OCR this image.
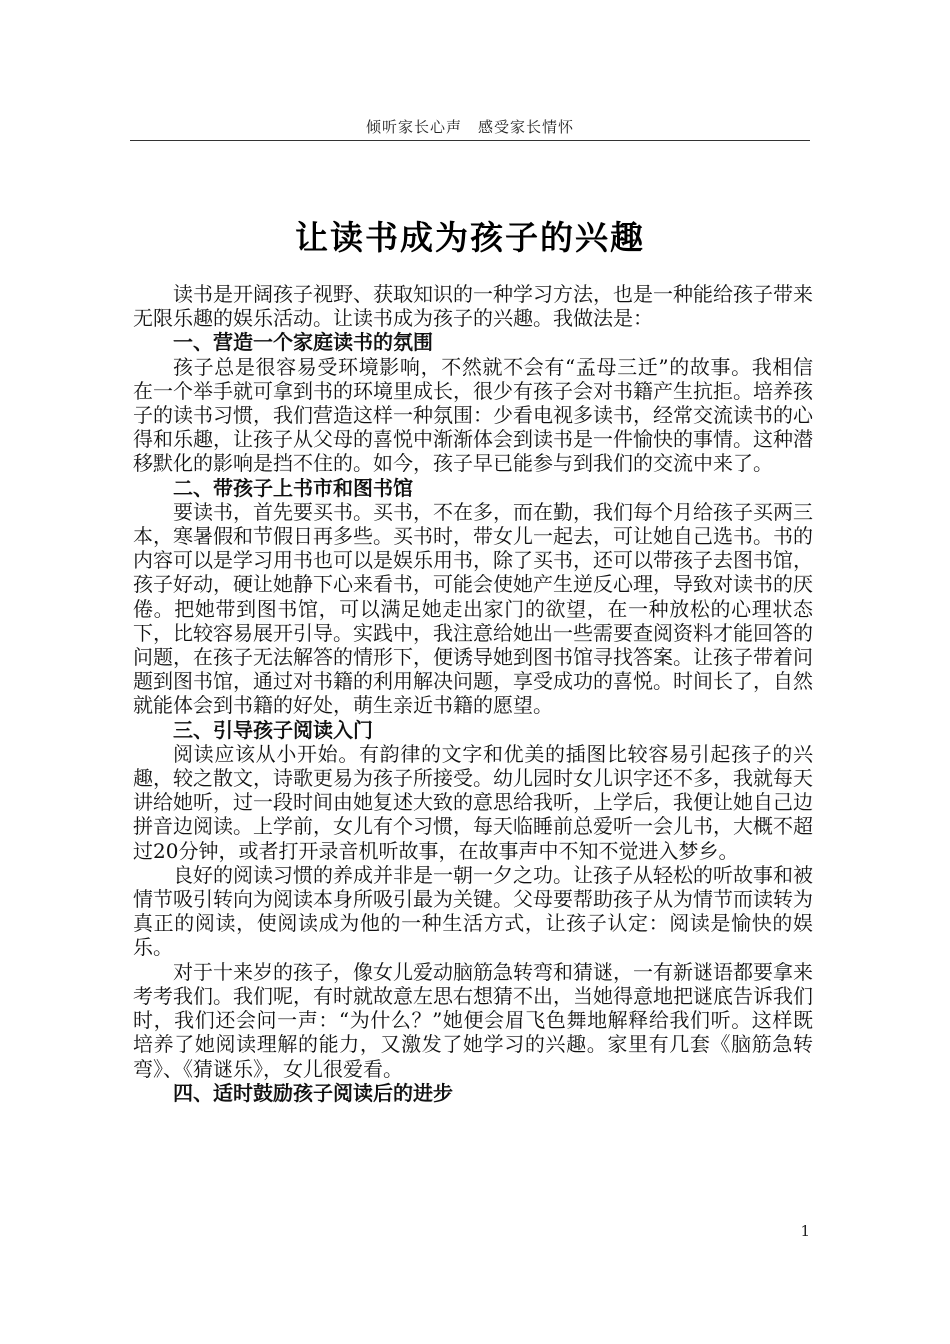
倾听家长心声　感受家长情怀
让读书成为孩子的兴趣

读书是开阔孩子视野、获取知识的一种学习方法，也是一种能给孩子带来无限乐趣的娱乐活动。让读书成为孩子的兴趣。我做法是：

一、营造一个家庭读书的氛围

孩子总是很容易受环境影响，不然就不会有“孟母三迁”的故事。我相信在一个举手就可拿到书的环境里成长，很少有孩子会对书籍产生抗拒。培养孩子的读书习惯，我们营造这样一种氛围：少看电视多读书，经常交流读书的心得和乐趣，让孩子从父母的喜悦中渐渐体会到读书是一件愉快的事情。这种潜移默化的影响是挡不住的。如今，孩子早已能参与到我们的交流中来了。

二、带孩子上书市和图书馆

要读书，首先要买书。买书，不在多，而在勤，我们每个月给孩子买两三本，寒暑假和节假日再多些。买书时，带女儿一起去，可让她自己选书。书的内容可以是学习用书也可以是娱乐用书，除了买书，还可以带孩子去图书馆，孩子好动，硬让她静下心来看书，可能会使她产生逆反心理，导致对读书的厌倦。把她带到图书馆，可以满足她走出家门的欲望，在一种放松的心理状态下，比较容易展开引导。实践中，我注意给她出一些需要查阅资料才能回答的问题，在孩子无法解答的情形下，便诱导她到图书馆寻找答案。让孩子带着问题到图书馆，通过对书籍的利用解决问题，享受成功的喜悦。时间长了，自然就能体会到书籍的好处，萌生亲近书籍的愿望。

三、引导孩子阅读入门

阅读应该从小开始。有韵律的文字和优美的插图比较容易引起孩子的兴趣，较之散文，诗歌更易为孩子所接受。幼儿园时女儿识字还不多，我就每天讲给她听，过一段时间由她复述大致的意思给我听，上学后，我便让她自己边拼音边阅读。上学前，女儿有个习惯，每天临睡前总爱听一会儿书，大概不超过20分钟，或者打开录音机听故事，在故事声中不知不觉进入梦乡。

良好的阅读习惯的养成并非是一朝一夕之功。让孩子从轻松的听故事和被情节吸引转向为阅读本身所吸引最为关键。父母要帮助孩子从为情节而读转为真正的阅读，使阅读成为他的一种生活方式，让孩子认定：阅读是愉快的娱乐。

对于十来岁的孩子，像女儿爱动脑筋急转弯和猜谜，一有新谜语都要拿来考考我们。我们呢，有时就故意左思右想猜不出，当她得意地把谜底告诉我们时，我们还会问一声：“为什么？”她便会眉飞色舞地解释给我们听。这样既培养了她阅读理解的能力，又激发了她学习的兴趣。家里有几套《脑筋急转弯》、《猜谜乐》，女儿很爱看。

四、适时鼓励孩子阅读后的进步
1
